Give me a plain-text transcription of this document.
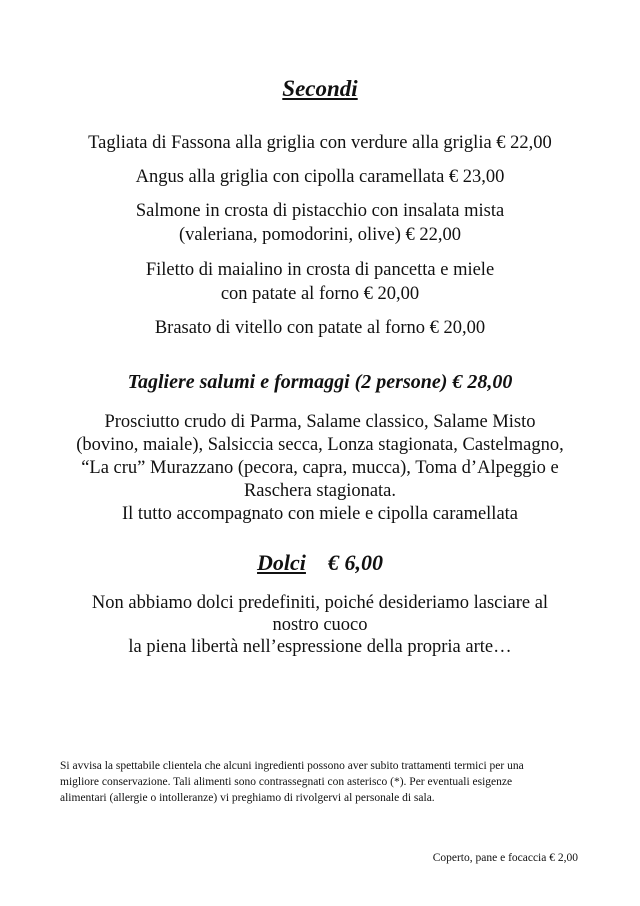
Secondi
Tagliata di Fassona alla griglia con verdure alla griglia € 22,00
Angus alla griglia con cipolla caramellata € 23,00
Salmone in crosta di pistacchio con insalata mista
(valeriana, pomodorini, olive) € 22,00
Filetto di maialino in crosta di pancetta e miele
con patate al forno € 20,00
Brasato di vitello con patate al forno € 20,00
Tagliere salumi e formaggi (2 persone) € 28,00
Prosciutto crudo di Parma, Salame classico, Salame Misto
(bovino, maiale), Salsiccia secca, Lonza stagionata, Castelmagno,
“La cru” Murazzano (pecora, capra, mucca), Toma d’Alpeggio e
Raschera stagionata.
Il tutto accompagnato con miele e cipolla caramellata
Dolci € 6,00
Non abbiamo dolci predefiniti, poiché desideriamo lasciare al
nostro cuoco
la piena libertà nell’espressione della propria arte…
Si avvisa la spettabile clientela che alcuni ingredienti possono aver subito trattamenti termici per una
migliore conservazione. Tali alimenti sono contrassegnati con asterisco (*). Per eventuali esigenze
alimentari (allergie o intolleranze) vi preghiamo di rivolgervi al personale di sala.
Coperto, pane e focaccia € 2,00
